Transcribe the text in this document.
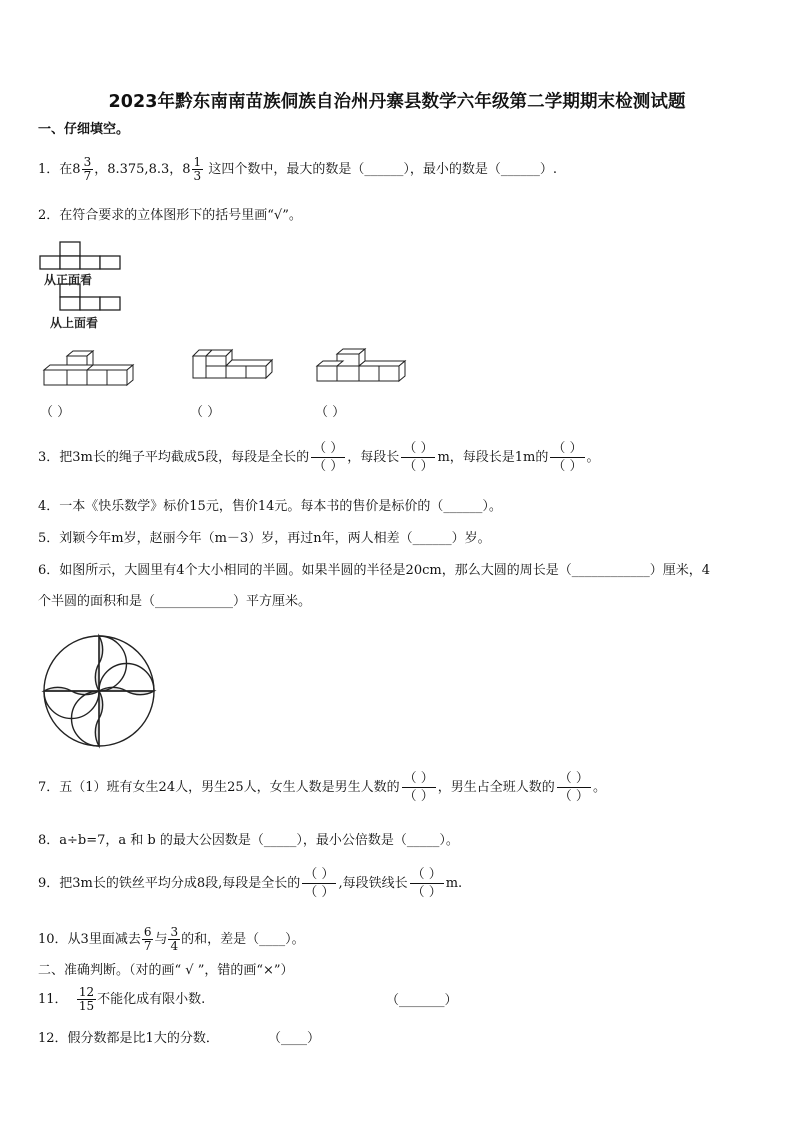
2023年黔东南南苗族侗族自治州丹寨县数学六年级第二学期期末检测试题
一、仔细填空。
1．在$8 \frac{3}{7}$ ，8.375,8.3，$8 \frac{1}{3}$ 这四个数中，最大的数是（______），最小的数是（______）.
2．在符合要求的立体图形下的括号里画“√”。
从正面看
从上面看
（ ）	（ ）	（ ）
3．把3m长的绳子平均截成5段，每段是全长的
（ ）
（ ）
，每段长
（ ）
（ ）
m，每段长是1m的
（ ）
（ ）
。
4．一本《快乐数学》标价15元，售价14元。每本书的售价是标价的（______）。
5．刘颖今年m岁，赵丽今年（m－3）岁，再过n年，两人相差（______）岁。
6．如图所示，大圆里有4个大小相同的半圆。如果半圆的半径是20cm，那么大圆的周长是（____________）厘米，4
个半圆的面积和是（____________）平方厘米。
7．五（1）班有女生24人，男生25人，女生人数是男生人数的
（ ）
（ ）
，男生占全班人数的
（ ）
（ ）
。
8．a÷b=7，a 和 b 的最大公因数是（_____），最小公倍数是（_____）。
9．把3m长的铁丝平均分成8段,每段是全长的
（ ）
（ ）
,每段铁线长
（ ）
（ ）
m.
10．从3里面减去 $\frac{6}{7}$ 与 $\frac{3}{4}$ 的和，差是（____）。
二、准确判断。（对的画“ √ ”，错的画“×”）
11． $\frac{12}{15}$ 不能化成有限小数.	（_______）
12．假分数都是比1大的分数．	（____）
